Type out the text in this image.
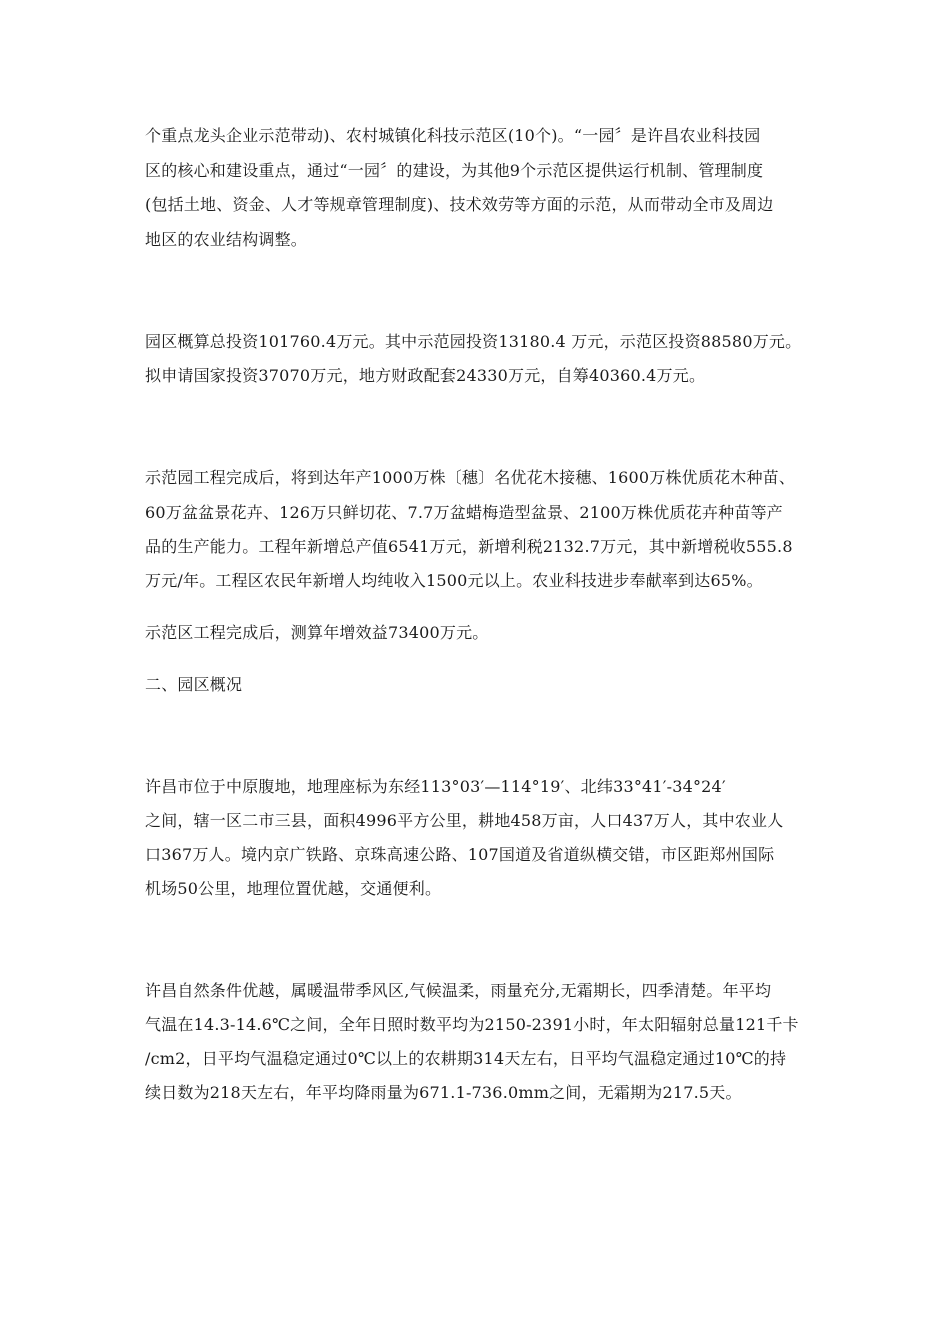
个重点龙头企业示范带动)、农村城镇化科技示范区(10个)。“一园〞是许昌农业科技园

区的核心和建设重点，通过“一园〞的建设，为其他9个示范区提供运行机制、管理制度

(包括土地、资金、人才等规章管理制度)、技术效劳等方面的示范，从而带动全市及周边

地区的农业结构调整。

园区概算总投资101760.4万元。其中示范园投资13180.4 万元，示范区投资88580万元。

拟申请国家投资37070万元，地方财政配套24330万元，自筹40360.4万元。

示范园工程完成后，将到达年产1000万株〔穗〕名优花木接穗、1600万株优质花木种苗、

60万盆盆景花卉、126万只鲜切花、7.7万盆蜡梅造型盆景、2100万株优质花卉种苗等产

品的生产能力。工程年新增总产值6541万元，新增利税2132.7万元，其中新增税收555.8

万元/年。工程区农民年新增人均纯收入1500元以上。农业科技进步奉献率到达65%。

示范区工程完成后，测算年增效益73400万元。

二、园区概况

许昌市位于中原腹地，地理座标为东经113°03′—114°19′、北纬33°41′-34°24′

之间，辖一区二市三县，面积4996平方公里，耕地458万亩，人口437万人，其中农业人

口367万人。境内京广铁路、京珠高速公路、107国道及省道纵横交错，市区距郑州国际

机场50公里，地理位置优越，交通便利。

许昌自然条件优越，属暖温带季风区,气候温柔，雨量充分,无霜期长，四季清楚。年平均

气温在14.3-14.6℃之间，全年日照时数平均为2150-2391小时，年太阳辐射总量121千卡

/cm2，日平均气温稳定通过0℃以上的农耕期314天左右，日平均气温稳定通过10℃的持

续日数为218天左右，年平均降雨量为671.1-736.0mm之间，无霜期为217.5天。
